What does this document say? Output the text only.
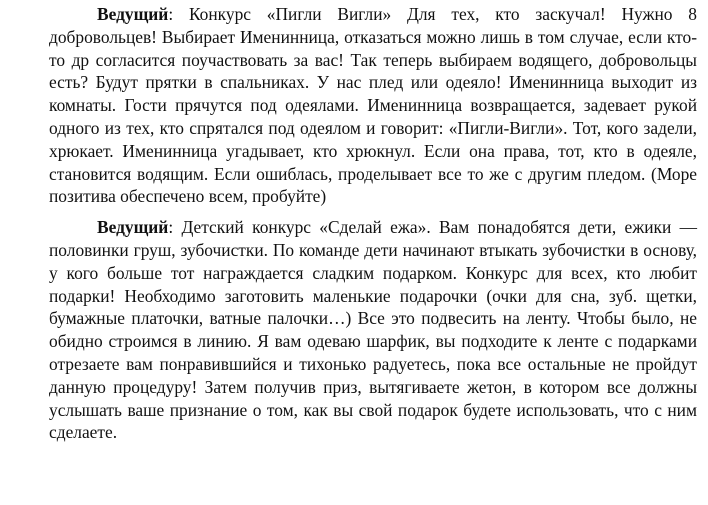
Ведущий: Конкурс «Пигли Вигли» Для тех, кто заскучал! Нужно 8 добровольцев! Выбирает Именинница, отказаться можно лишь в том случае, если кто-то др согласится поучаствовать за вас! Так теперь выбираем водящего, добровольцы есть? Будут прятки в спальниках. У нас плед или одеяло! Именинница выходит из комнаты. Гости прячутся под одеялами. Именинница возвращается, задевает рукой одного из тех, кто спрятался под одеялом и говорит: «Пигли-Вигли». Тот, кого задели, хрюкает. Именинница угадывает, кто хрюкнул. Если она права, тот, кто в одеяле, становится водящим. Если ошиблась, проделывает все то же с другим пледом. (Море позитива обеспечено всем, пробуйте)

Ведущий: Детский конкурс «Сделай ежа». Вам понадобятся дети, ежики — половинки груш, зубочистки. По команде дети начинают втыкать зубочистки в основу, у кого больше тот награждается сладким подарком. Конкурс для всех, кто любит подарки! Необходимо заготовить маленькие подарочки (очки для сна, зуб. щетки, бумажные платочки, ватные палочки…) Все это подвесить на ленту. Чтобы было, не обидно строимся в линию. Я вам одеваю шарфик, вы подходите к ленте с подарками отрезаете вам понравившийся и тихонько радуетесь, пока все остальные не пройдут данную процедуру! Затем получив приз, вытягиваете жетон, в котором все должны услышать ваше признание о том, как вы свой подарок будете использовать, что с ним сделаете.
